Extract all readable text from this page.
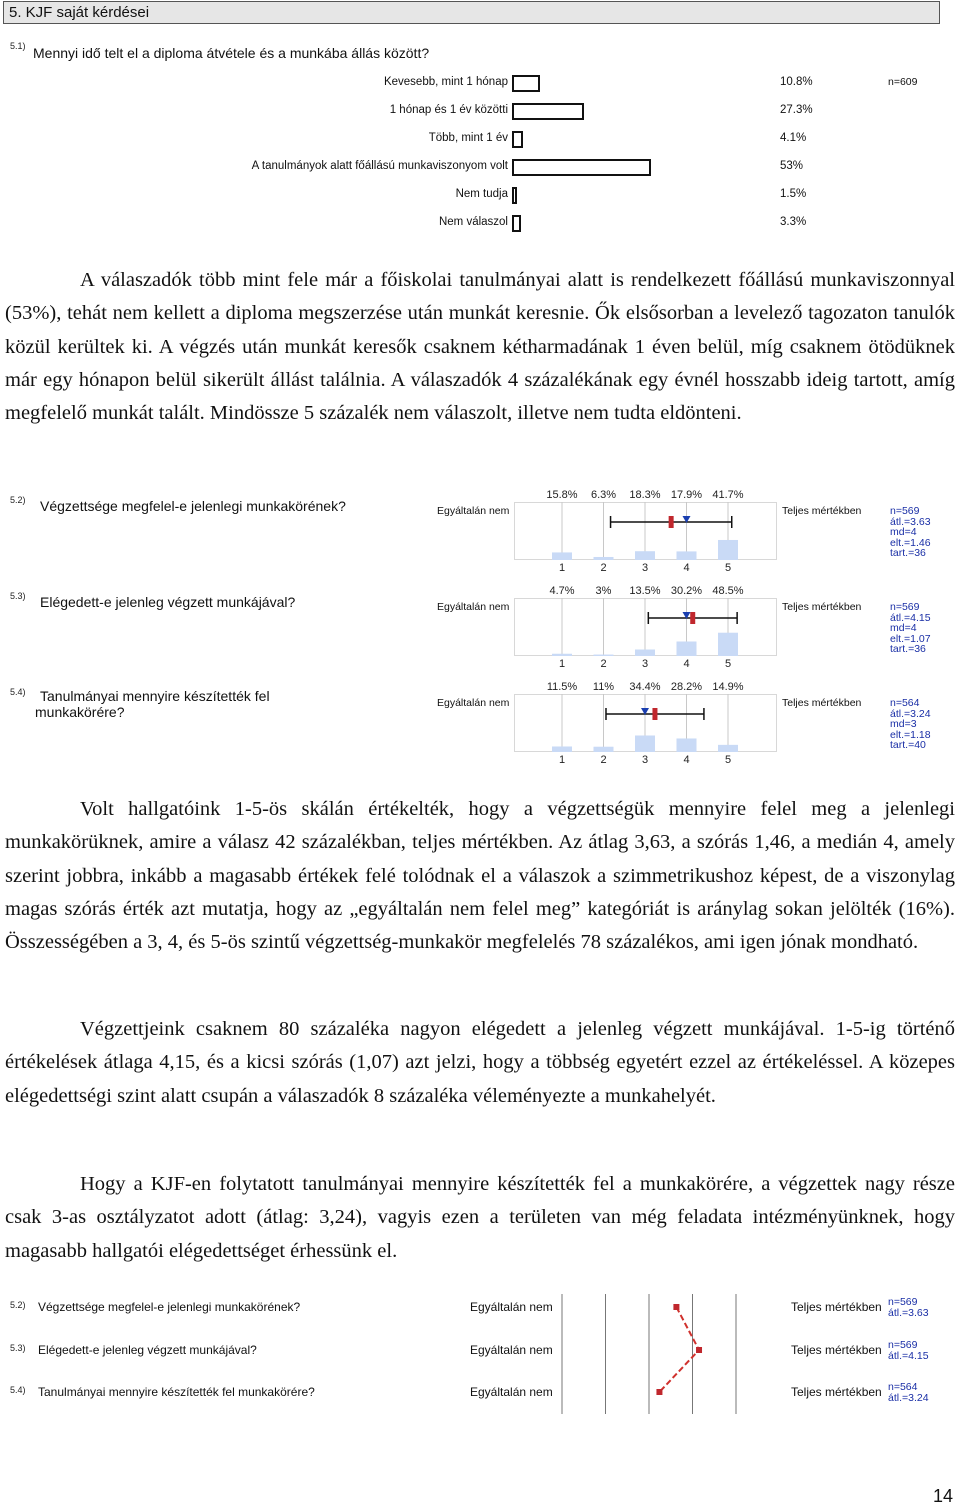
5. KJF saját kérdései
5.1) Mennyi idő telt el a diploma átvétele és a munkába állás között?
n=609

A válaszadók több mint fele már a főiskolai tanulmányai alatt is rendelkezett főállású munkaviszonnyal (53%), tehát nem kellett a diploma megszerzése után munkát keresnie. Ők elsősorban a levelező tagozaton tanulók közül kerültek ki. A végzés után munkát keresők csaknem kétharmadának 1 éven belül, míg csaknem ötödüknek már egy hónapon belül sikerült állást találnia. A válaszadók 4 százalékának egy évnél hosszabb ideig tartott, amíg megfelelő munkát talált. Mindössze 5 százalék nem válaszolt, illetve nem tudta eldönteni.

Volt hallgatóink 1-5-ös skálán értékelték, hogy a végzettségük mennyire felel meg a jelenlegi munkakörüknek, amire a válasz 42 százalékban, teljes mértékben. Az átlag 3,63, a szórás 1,46, a medián 4, amely szerint jobbra, inkább a magasabb értékek felé tolódnak el a válaszok a szimmetrikushoz képest, de a viszonylag magas szórás érték azt mutatja, hogy az „egyáltalán nem felel meg” kategóriát is aránylag sokan jelölték (16%). Összességében a 3, 4, és 5-ös szintű végzettség-munkakör megfelelés 78 százalékos, ami igen jónak mondható.

Végzettjeink csaknem 80 százaléka nagyon elégedett a jelenleg végzett munkájával. 1-5-ig történő értékelések átlaga 4,15, és a kicsi szórás (1,07) azt jelzi, hogy a többség egyetért ezzel az értékeléssel. A közepes elégedettségi szint alatt csupán a válaszadók 8 százaléka véleményezte a munkahelyét.

Hogy a KJF-en folytatott tanulmányai mennyire készítették fel a munkakörére, a végzettek nagy része csak 3-as osztályzatot adott (átlag: 3,24), vagyis ezen a területen van még feladata intézményünknek, hogy magasabb hallgatói elégedettséget érhessünk el.

14
Kevesebb, mint 1 hónap	10.8%
1 hónap és 1 év közötti	27.3%
Több, mint 1 év	4.1%
A tanulmányok alatt főállású munkaviszonyom volt	53%
Nem tudja	1.5%
Nem válaszol	3.3%
5.2) Végzettsége megfelel-e jelenlegi munkakörének?	Egyáltalán nem	Teljes mértékben	n=569
átl.=3.63
md=4
elt.=1.46
tart.=36
15.8%	6.3%	18.3% 17.9% 41.7%
1	2	3	4	5
5.3) Elégedett-e jelenleg végzett munkájával?	Egyáltalán nem	Teljes mértékben	n=569
átl.=4.15
md=4
elt.=1.07
tart.=36
4.7%	3%	13.5% 30.2% 48.5%
1	2	3	4	5
5.4) Tanulmányai mennyire készítették fel
munkakörére?
Egyáltalán nem	Teljes mértékben	n=564
átl.=3.24
md=3
elt.=1.18
tart.=40
11.5%	11%	34.4% 28.2% 14.9%
1	2	3	4	5
5.2) Végzettsége megfelel-e jelenlegi munkakörének?	Egyáltalán nem	Teljes mértékben n=569
átl.=3.63
5.3) Elégedett-e jelenleg végzett munkájával?	Egyáltalán nem	Teljes mértékben n=569
átl.=4.15
5.4) Tanulmányai mennyire készítették fel munkakörére?	Egyáltalán nem	Teljes mértékben n=564
átl.=3.24
